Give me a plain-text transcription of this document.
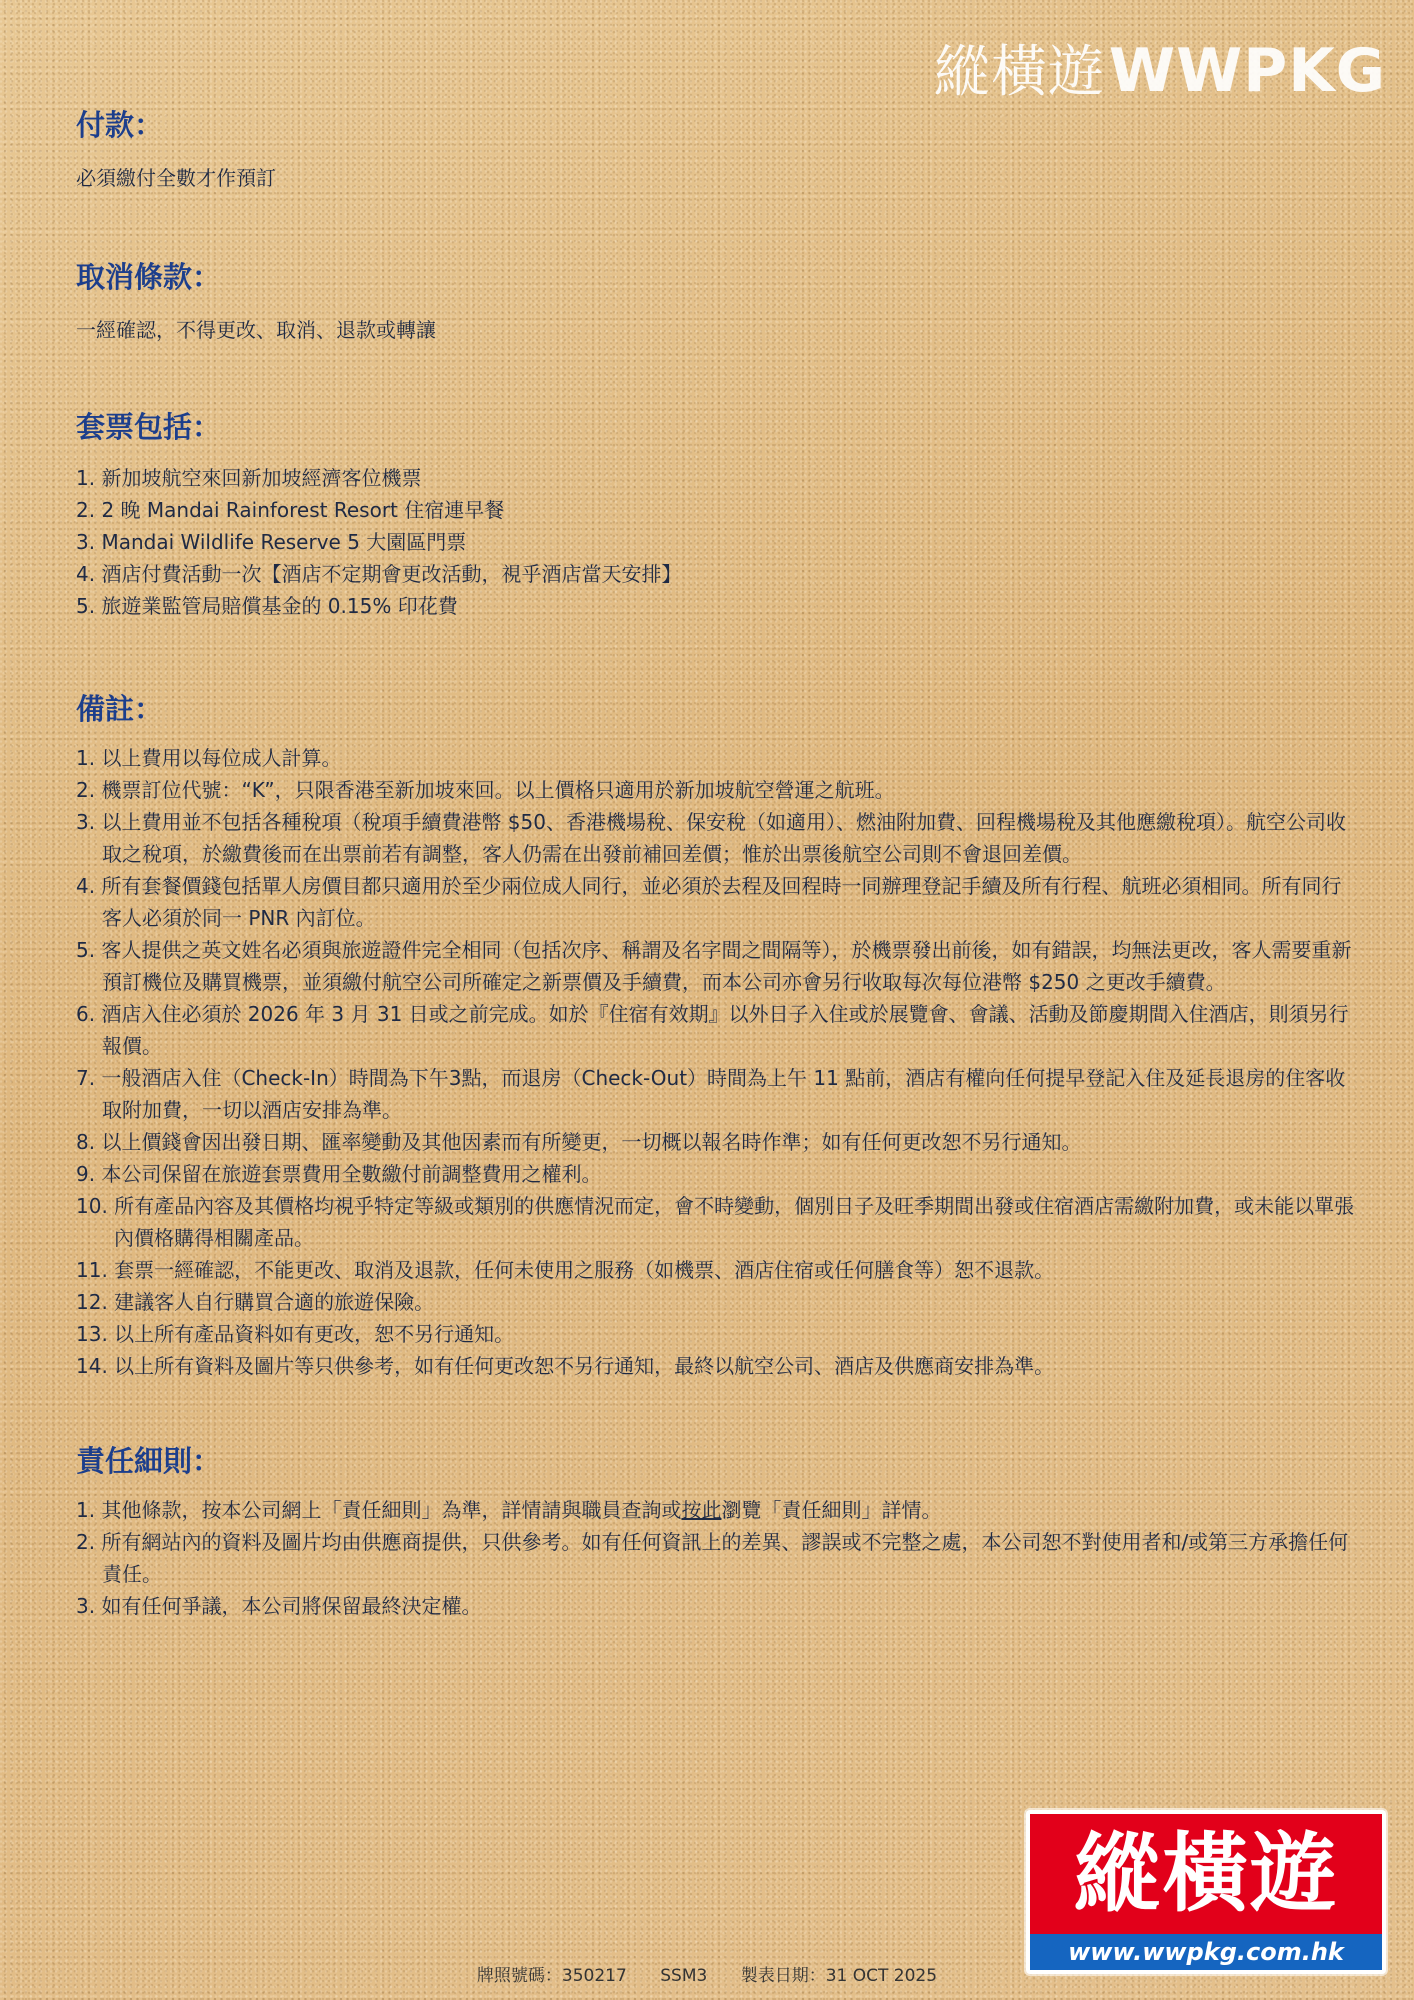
縱橫遊WWPKG
付款：

必須繳付全數才作預訂

取消條款：

一經確認，不得更改、取消、退款或轉讓

套票包括：
1. 新加坡航空來回新加坡經濟客位機票
2. 2 晚 Mandai Rainforest Resort 住宿連早餐
3. Mandai Wildlife Reserve 5 大園區門票
4. 酒店付費活動一次【酒店不定期會更改活動，視乎酒店當天安排】
5. 旅遊業監管局賠償基金的 0.15% 印花費
備註：
1. 以上費用以每位成人計算。
2. 機票訂位代號：“K”，只限香港至新加坡來回。以上價格只適用於新加坡航空營運之航班。
3. 以上費用並不包括各種稅項（稅項手續費港幣 $50、香港機場稅、保安稅（如適用）、燃油附加費、回程機場稅及其他應繳稅項）。航空公司收取之稅項，於繳費後而在出票前若有調整，客人仍需在出發前補回差價；惟於出票後航空公司則不會退回差價。
4. 所有套餐價錢包括單人房價目都只適用於至少兩位成人同行，並必須於去程及回程時一同辦理登記手續及所有行程、航班必須相同。所有同行客人必須於同一 PNR 內訂位。
5. 客人提供之英文姓名必須與旅遊證件完全相同（包括次序、稱謂及名字間之間隔等），於機票發出前後，如有錯誤，均無法更改，客人需要重新預訂機位及購買機票，並須繳付航空公司所確定之新票價及手續費，而本公司亦會另行收取每次每位港幣 $250 之更改手續費。
6. 酒店入住必須於 2026 年 3 月 31 日或之前完成。如於『住宿有效期』以外日子入住或於展覽會、會議、活動及節慶期間入住酒店，則須另行報價。
7. 一般酒店入住（Check-In）時間為下午3點，而退房（Check-Out）時間為上午 11 點前，酒店有權向任何提早登記入住及延長退房的住客收取附加費，一切以酒店安排為準。
8. 以上價錢會因出發日期、匯率變動及其他因素而有所變更，一切概以報名時作準；如有任何更改恕不另行通知。
9. 本公司保留在旅遊套票費用全數繳付前調整費用之權利。
10. 所有產品內容及其價格均視乎特定等級或類別的供應情況而定，會不時變動，個別日子及旺季期間出發或住宿酒店需繳附加費，或未能以單張內價格購得相關產品。
11. 套票一經確認，不能更改、取消及退款，任何未使用之服務（如機票、酒店住宿或任何膳食等）恕不退款。
12. 建議客人自行購買合適的旅遊保險。
13. 以上所有產品資料如有更改，恕不另行通知。
14. 以上所有資料及圖片等只供參考，如有任何更改恕不另行通知，最終以航空公司、酒店及供應商安排為準。
責任細則：
1. 其他條款，按本公司網上「責任細則」為準，詳情請與職員查詢或按此瀏覽「責任細則」詳情。
2. 所有網站內的資料及圖片均由供應商提供，只供參考。如有任何資訊上的差異、謬誤或不完整之處，本公司恕不對使用者和/或第三方承擔任何責任。
3. 如有任何爭議，本公司將保留最終決定權。
縱橫遊
www.wwpkg.com.hk
牌照號碼：350217 SSM3 製表日期：31 OCT 2025
